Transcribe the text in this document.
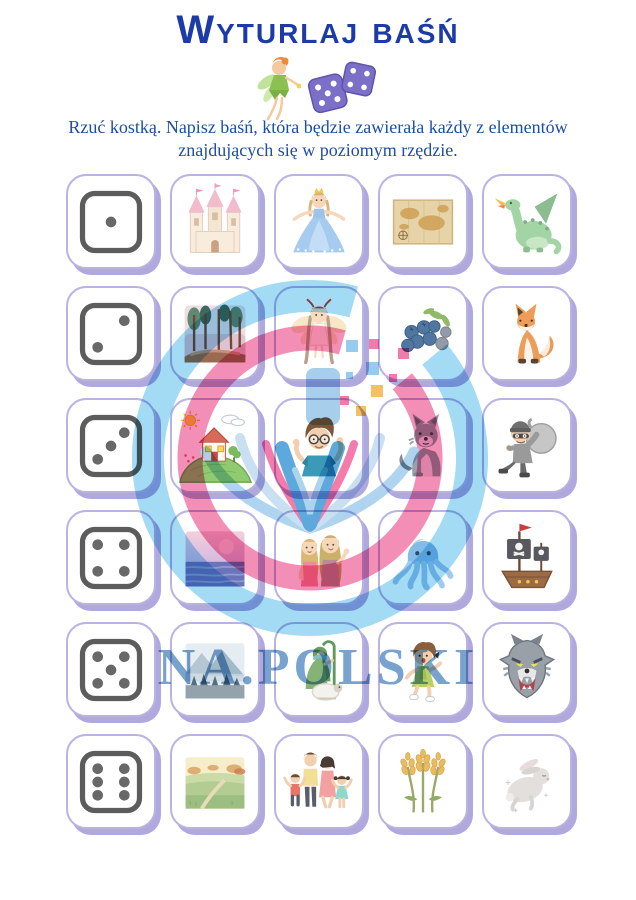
Wyturlaj baśń
Rzuć kostką. Napisz baśń, która będzie zawierała każdy z elementów znajdujących się w poziomym rzędzie.
NA.POLSKI
